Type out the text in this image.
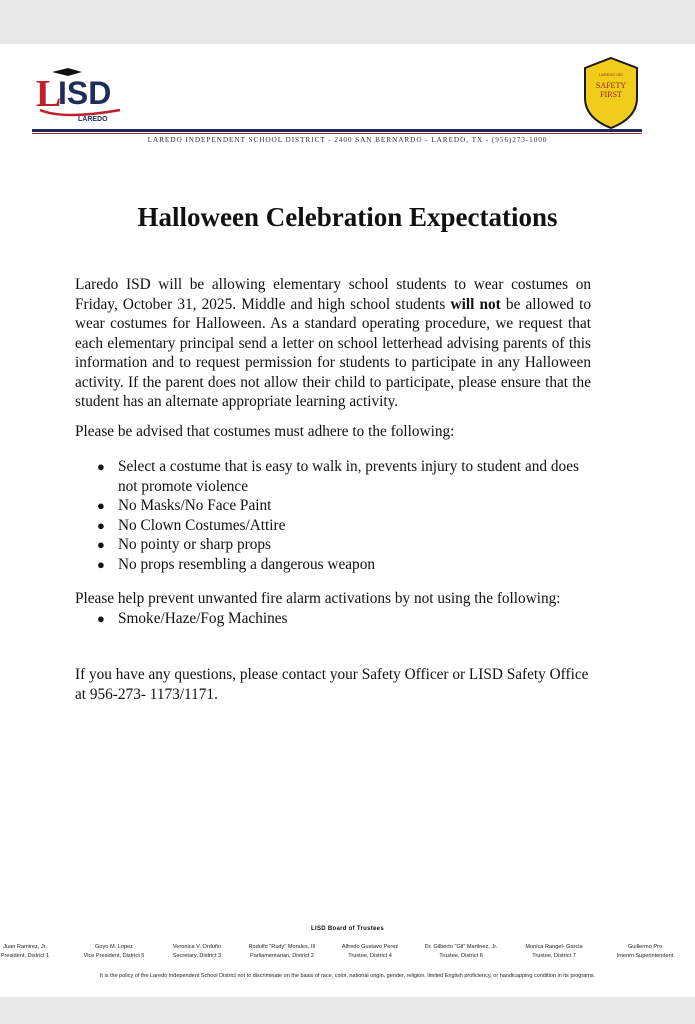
L
ISD
LAREDO
LAREDO ISD
SAFETY
FIRST
LAREDO INDEPENDENT SCHOOL DISTRICT - 2400 SAN BERNARDO - LAREDO, TX - (956)273-1000
Halloween Celebration Expectations

Laredo ISD will be allowing elementary school students to wear costumes on Friday, October 31, 2025. Middle and high school students will not be allowed to wear costumes for Halloween. As a standard operating procedure, we request that each elementary principal send a letter on school letterhead advising parents of this information and to request permission for students to participate in any Halloween activity. If the parent does not allow their child to participate, please ensure that the student has an alternate appropriate learning activity.

Please be advised that costumes must adhere to the following:

● Select a costume that is easy to walk in, prevents injury to student and does not promote violence
● No Masks/No Face Paint
● No Clown Costumes/Attire
● No pointy or sharp props
● No props resembling a dangerous weapon

Please help prevent unwanted fire alarm activations by not using the following:

● Smoke/Haze/Fog Machines

If you have any questions, please contact your Safety Officer or LISD Safety Office at 956-273- 1173/1171.

LISD Board of Trustees
Juan Ramirez, Jr.
President, District 1
Goyo M. Lopez
Vice President, District 5
Veronica V. Orduño
Secretary, District 3
Rodolfo "Rudy" Morales, III
Parliamentarian, District 2
Alfredo Gustavo Perez
Trustee, District 4
Dr. Gilberto "Gil" Martinez, Jr.
Trustee, District 6
Monica Rangel- Garcia
Trustee, District 7
Guillermo Pro
Interim Superintendent
It is the policy of the Laredo Independent School District not to discriminate on the basis of race, color, national origin, gender, religion, limited English proficiency, or handicapping condition in its programs.
